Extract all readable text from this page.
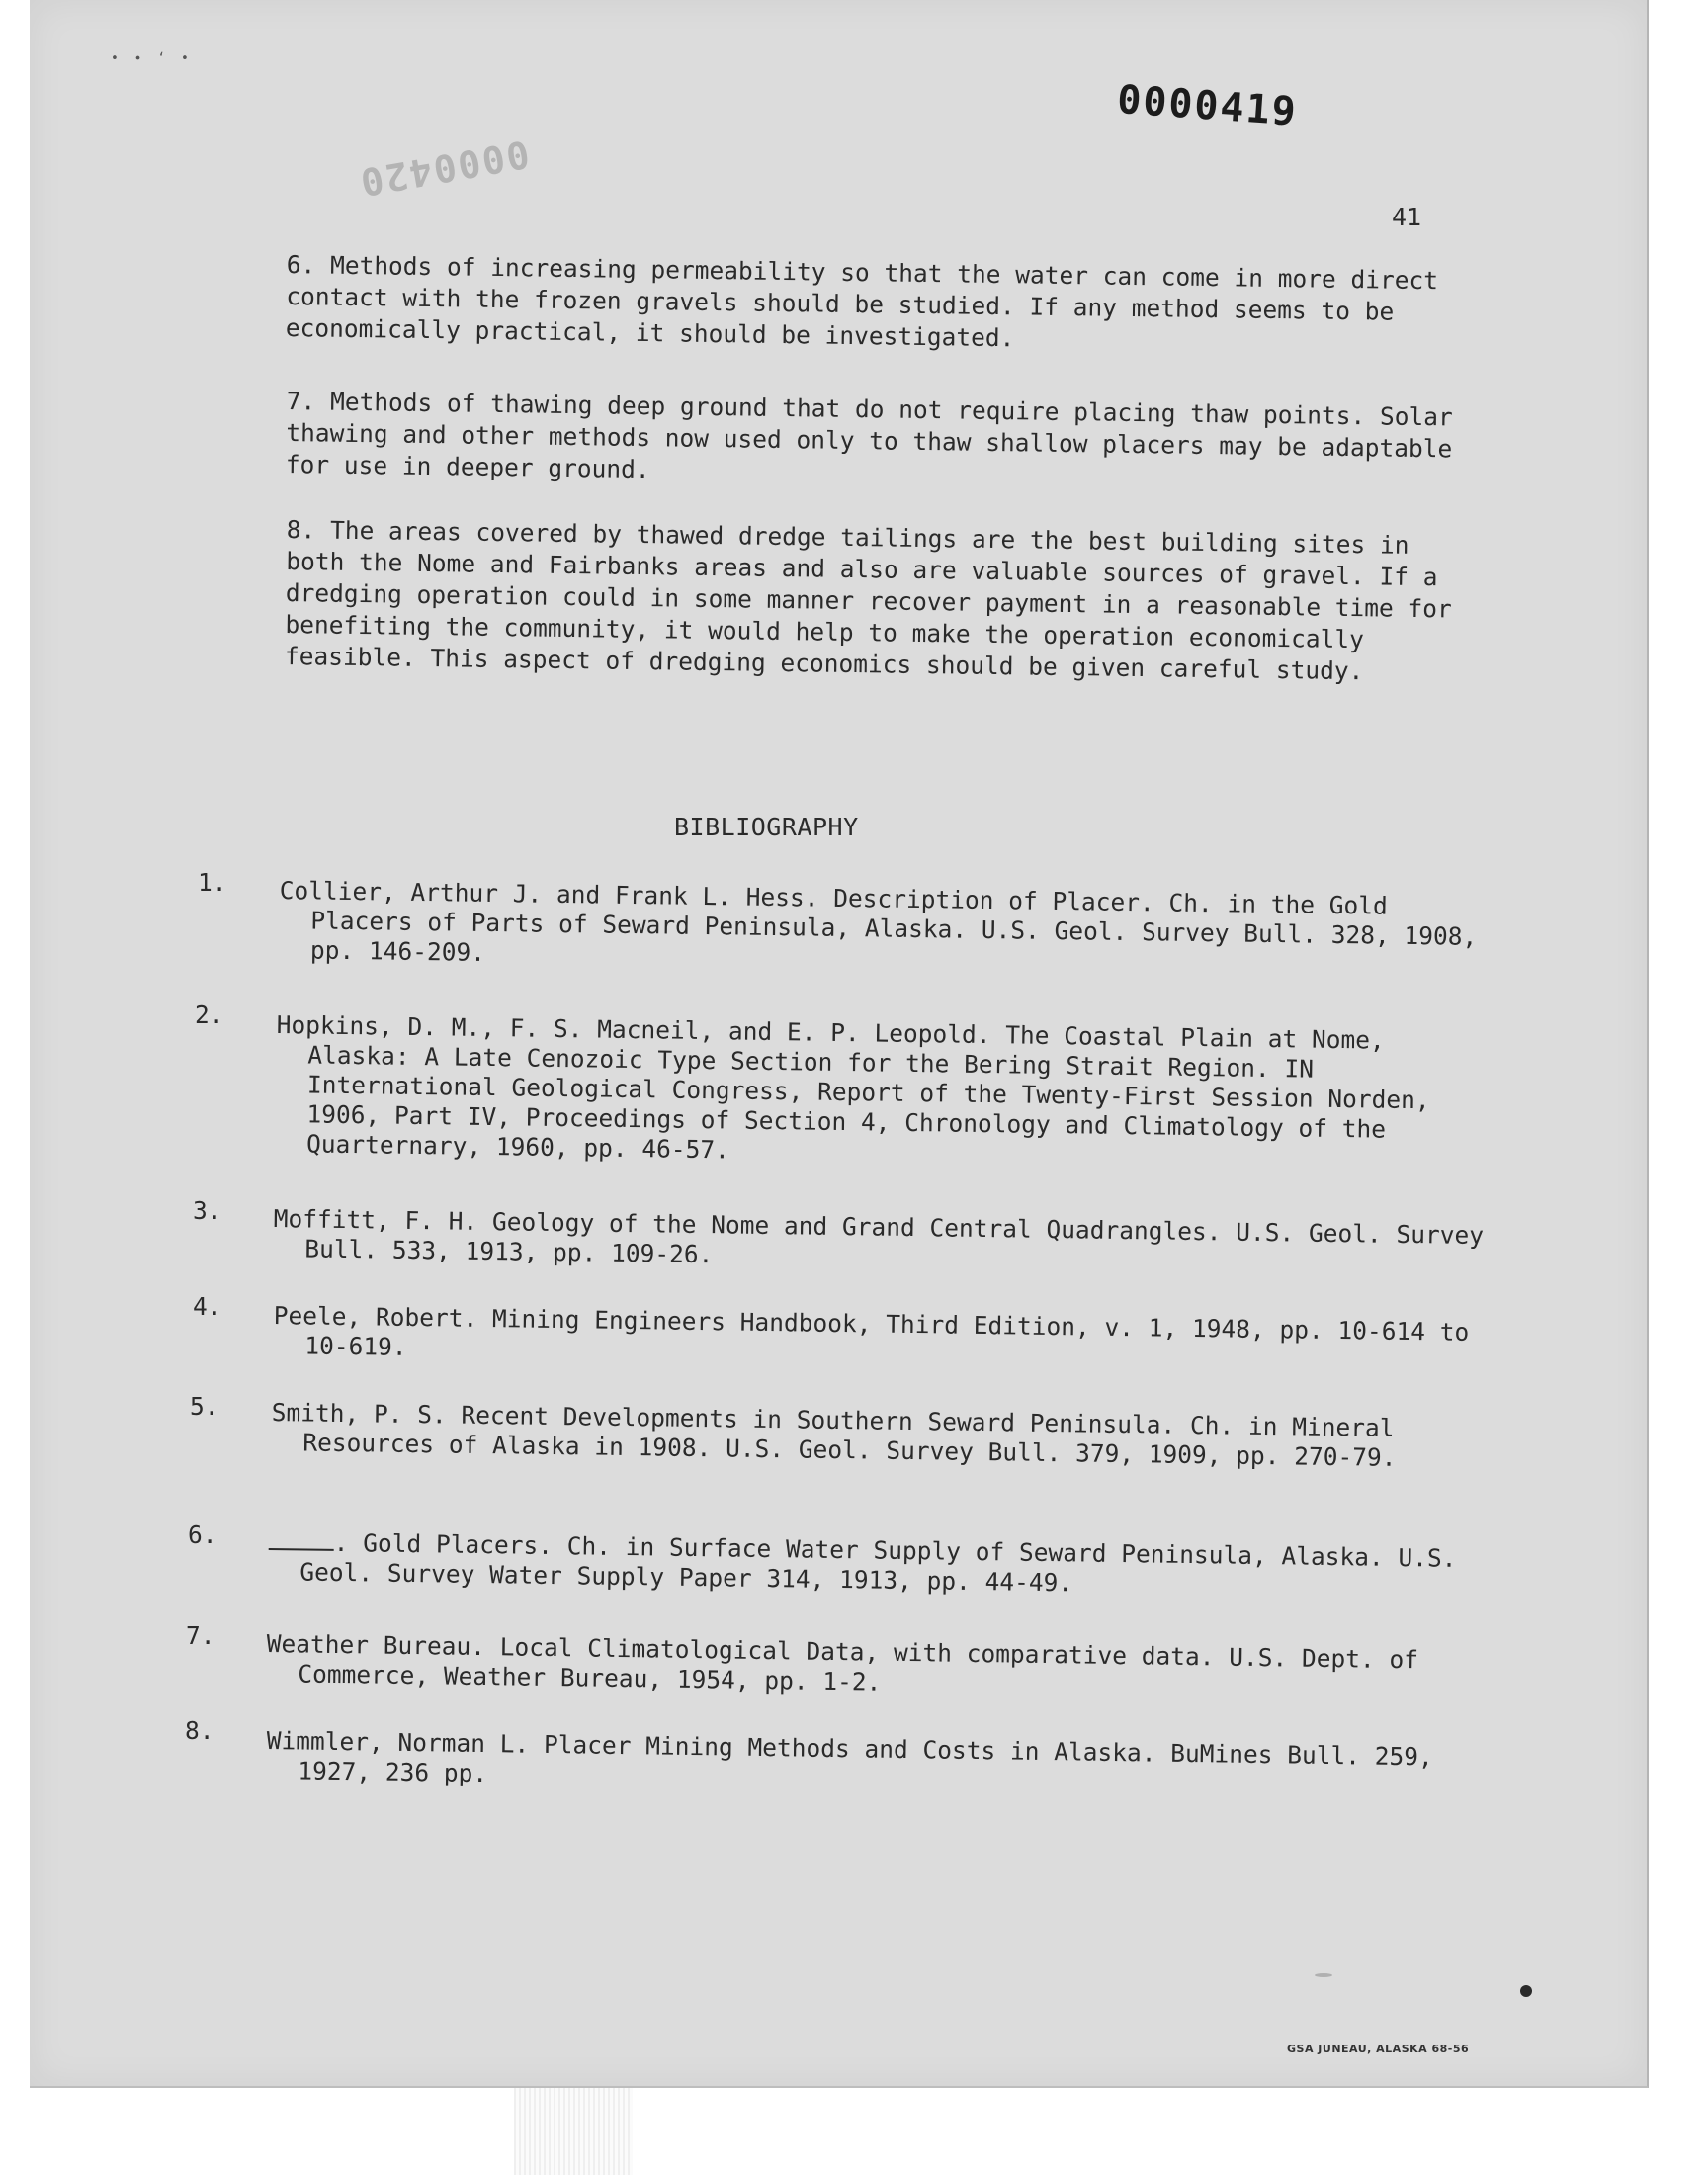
• ∙ ʻ •
0000419
0000420
41

6. Methods of increasing permeability so that the water can come in more direct contact with the frozen gravels should be studied. If any method seems to be economically practical, it should be investigated.

7. Methods of thawing deep ground that do not require placing thaw points. Solar thawing and other methods now used only to thaw shallow placers may be adaptable for use in deeper ground.

8. The areas covered by thawed dredge tailings are the best building sites in both the Nome and Fairbanks areas and also are valuable sources of gravel. If a dredging operation could in some manner recover payment in a reasonable time for benefiting the community, it would help to make the operation economically feasible. This aspect of dredging economics should be given careful study.

BIBLIOGRAPHY
1. Collier, Arthur J. and Frank L. Hess. Description of Placer. Ch. in the Gold Placers of Parts of Seward Peninsula, Alaska. U.S. Geol. Survey Bull. 328, 1908, pp. 146-209.

2. Hopkins, D. M., F. S. Macneil, and E. P. Leopold. The Coastal Plain at Nome, Alaska: A Late Cenozoic Type Section for the Bering Strait Region. IN International Geological Congress, Report of the Twenty-First Session Norden, 1906, Part IV, Proceedings of Section 4, Chronology and Climatology of the Quarternary, 1960, pp. 46-57.

3. Moffitt, F. H. Geology of the Nome and Grand Central Quadrangles. U.S. Geol. Survey Bull. 533, 1913, pp. 109-26.

4. Peele, Robert. Mining Engineers Handbook, Third Edition, v. 1, 1948, pp. 10-614 to 10-619.

5. Smith, P. S. Recent Developments in Southern Seward Peninsula. Ch. in Mineral Resources of Alaska in 1908. U.S. Geol. Survey Bull. 379, 1909, pp. 270-79.

6.	. Gold Placers. Ch. in Surface Water Supply of Seward Peninsula, Alaska. U.S. Geol. Survey Water Supply Paper 314, 1913, pp. 44-49.

7. Weather Bureau. Local Climatological Data, with comparative data. U.S. Dept. of Commerce, Weather Bureau, 1954, pp. 1-2.

8. Wimmler, Norman L. Placer Mining Methods and Costs in Alaska. BuMines Bull. 259, 1927, 236 pp.

GSA JUNEAU, ALASKA 68-56
